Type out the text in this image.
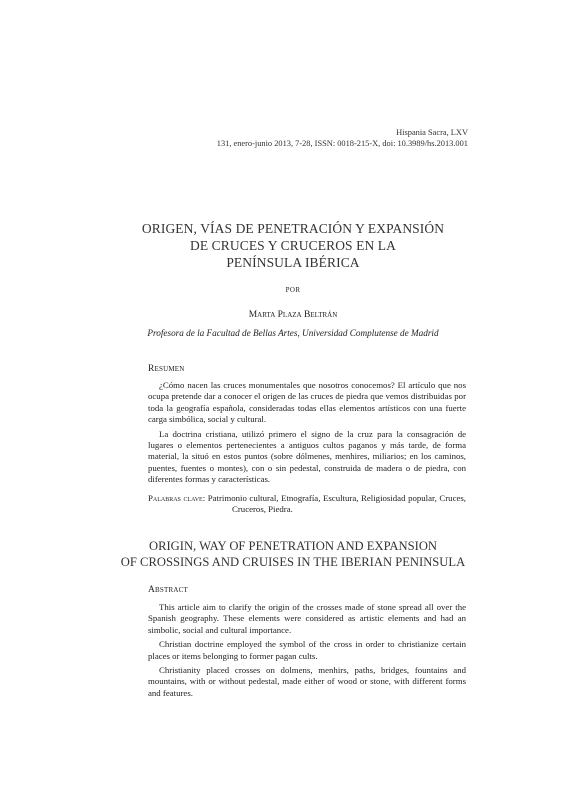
Hispania Sacra, LXV
131, enero-junio 2013, 7-28, ISSN: 0018-215-X, doi: 10.3989/hs.2013.001
ORIGEN, VÍAS DE PENETRACIÓN Y EXPANSIÓN
DE CRUCES Y CRUCEROS EN LA
PENÍNSULA IBÉRICA
POR
Marta Plaza Beltrán
Profesora de la Facultad de Bellas Artes, Universidad Complutense de Madrid
Resumen

¿Cómo nacen las cruces monumentales que nosotros conocemos? El artículo que nos ocupa pretende dar a conocer el origen de las cruces de piedra que vemos distribuidas por toda la geografía española, consideradas todas ellas elementos artísticos con una fuerte carga simbólica, social y cultural.

La doctrina cristiana, utilizó primero el signo de la cruz para la consagración de lugares o elementos pertenecientes a antiguos cultos paganos y más tarde, de forma material, la situó en estos puntos (sobre dólmenes, menhires, miliarios; en los caminos, puentes, fuentes o montes), con o sin pedestal, construida de madera o de piedra, con diferentes formas y características.

Palabras clave: Patrimonio cultural, Etnografía, Escultura, Religiosidad popular, Cruces, Cruceros, Piedra.
ORIGIN, WAY OF PENETRATION AND EXPANSION
OF CROSSINGS AND CRUISES IN THE IBERIAN PENINSULA
Abstract

This article aim to clarify the origin of the crosses made of stone spread all over the Spanish geography. These elements were considered as artistic elements and had an simbolic, social and cultural importance.

Christian doctrine employed the symbol of the cross in order to christianize certain places or items belonging to former pagan cults.

Christianity placed crosses on dolmens, menhirs, paths, bridges, fountains and mountains, with or without pedestal, made either of wood or stone, with different forms and features.
